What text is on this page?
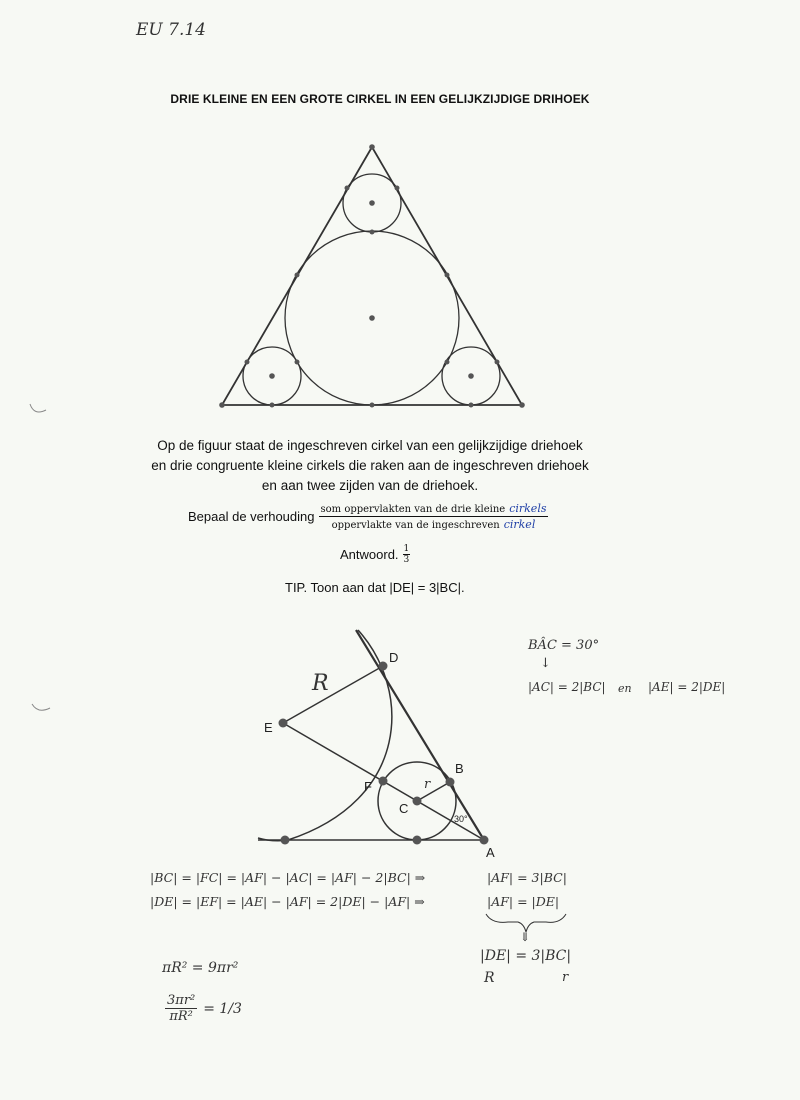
EU 7.14
DRIE KLEINE EN EEN GROTE CIRKEL IN EEN GELIJKZIJDIGE DRIHOEK
D
E
F
B
C
A
30°
R
r
Op de figuur staat de ingeschreven cirkel van een gelijkzijdige driehoek
en drie congruente kleine cirkels die raken aan de ingeschreven driehoek
en aan twee zijden van de driehoek.
Bepaal de verhouding $\frac{\text{som oppervlakten van de drie kleine cirkels}}{\text{oppervlakte van de ingeschreven cirkel}}$
Antwoord. $\frac{1}{3}$
TIP. Toon aan dat |DE| = 3|BC|.
BÂC = 30°
↓
|AC| = 2|BC| en |AE| = 2|DE|
|BC| = |FC| = |AF| − |AC| = |AF| − 2|BC| ⇒
|DE| = |EF| = |AE| − |AF| = 2|DE| − |AF| ⇒
|AF| = 3|BC|
|AF| = |DE|
⇓
|DE| = 3|BC|
R	r
πR² = 9πr²
$\frac{\text{3πr²}}{\text{πR²}} = 1/3$
